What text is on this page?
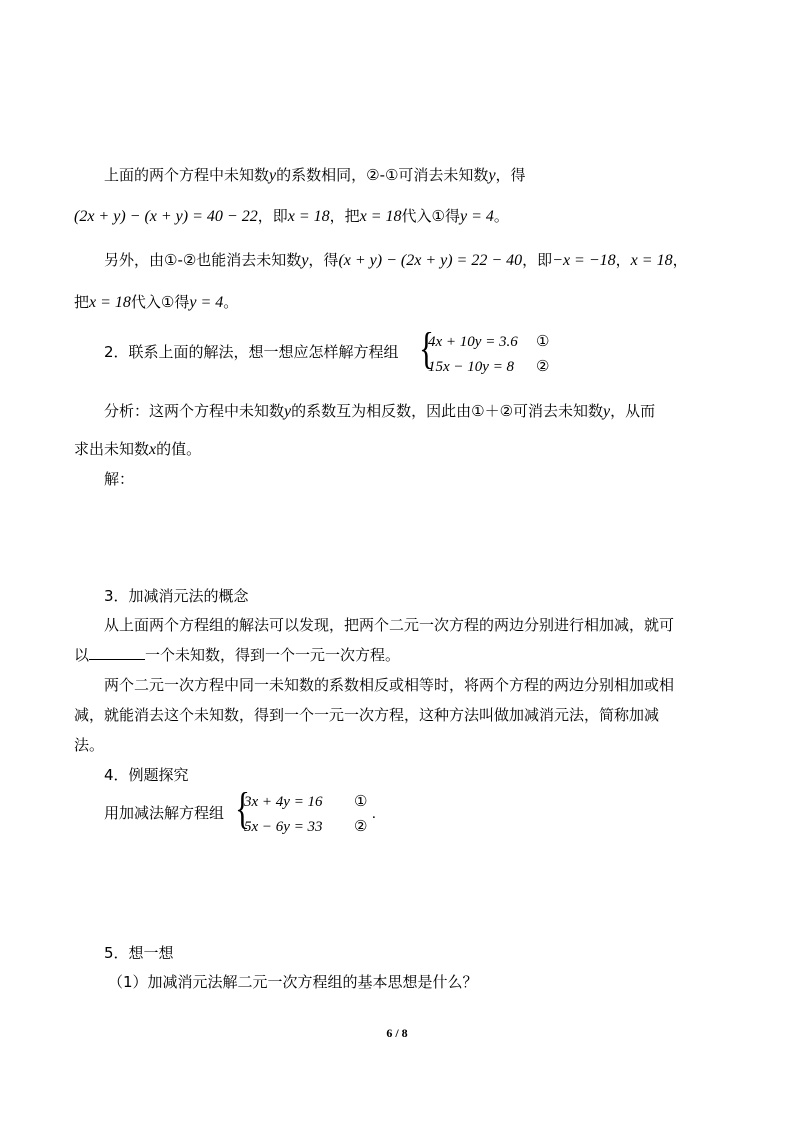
上面的两个方程中未知数y的系数相同，②-①可消去未知数y，得
(2x + y) − (x + y) = 40 − 22，即x = 18，把x = 18代入①得y = 4。
另外，由①-②也能消去未知数y，得(x + y) − (2x + y) = 22 − 40，即−x = −18，x = 18，
把x = 18代入①得y = 4。
2．联系上面的解法，想一想应怎样解方程组 {
4x + 10y = 3.6 ①
15x − 10y = 8 ②
分析：这两个方程中未知数y的系数互为相反数，因此由①＋②可消去未知数y，从而
求出未知数x的值。
解：
3．加减消元法的概念
从上面两个方程组的解法可以发现，把两个二元一次方程的两边分别进行相加减，就可
以	一个未知数，得到一个一元一次方程。
两个二元一次方程中同一未知数的系数相反或相等时，将两个方程的两边分别相加或相
减，就能消去这个未知数，得到一个一元一次方程，这种方法叫做加减消元法，简称加减
法。
4．例题探究
用加减法解方程组 {
3x + 4y = 16 ①
5x − 6y = 33 ②
.
5．想一想
（1）加减消元法解二元一次方程组的基本思想是什么？
6 / 8
